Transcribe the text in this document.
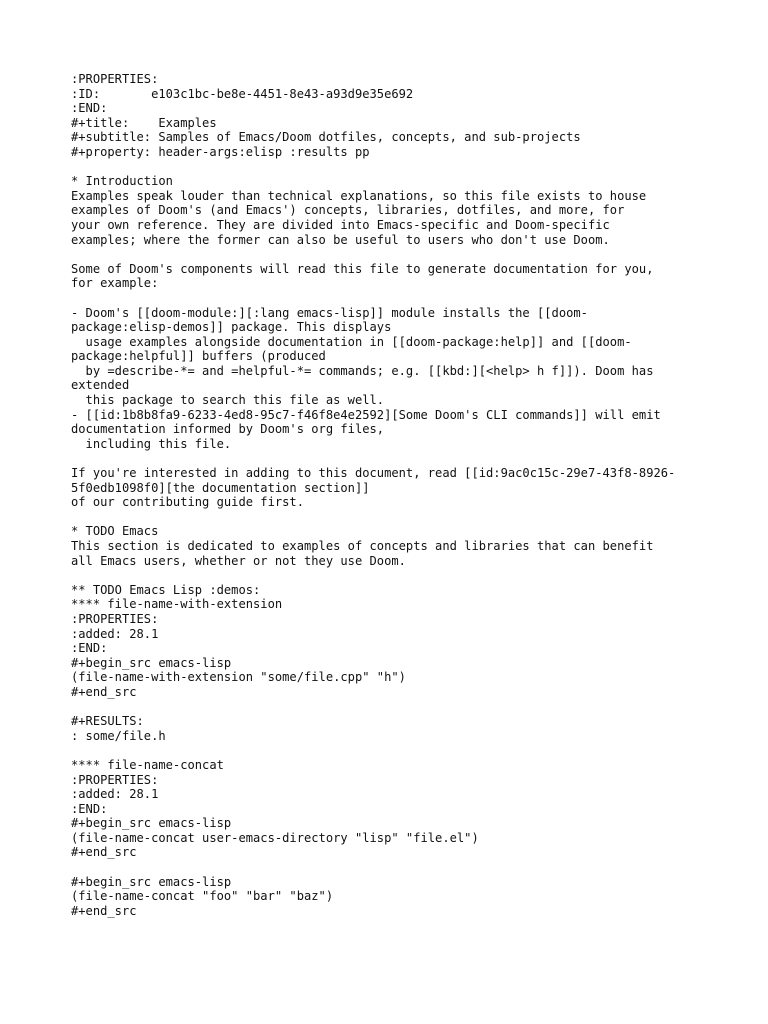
:PROPERTIES:
:ID:       e103c1bc-be8e-4451-8e43-a93d9e35e692
:END:
#+title:    Examples
#+subtitle: Samples of Emacs/Doom dotfiles, concepts, and sub-projects
#+property: header-args:elisp :results pp
* Introduction
Examples speak louder than technical explanations, so this file exists to house
examples of Doom's (and Emacs') concepts, libraries, dotfiles, and more, for
your own reference. They are divided into Emacs-specific and Doom-specific
examples; where the former can also be useful to users who don't use Doom.
Some of Doom's components will read this file to generate documentation for you,
for example:
- Doom's [[doom-module:][:lang emacs-lisp]] module installs the [[doom-
package:elisp-demos]] package. This displays
usage examples alongside documentation in [[doom-package:help]] and [[doom-
package:helpful]] buffers (produced
by =describe-*= and =helpful-*= commands; e.g. [[kbd:][<help> h f]]). Doom has
extended
this package to search this file as well.
- [[id:1b8b8fa9-6233-4ed8-95c7-f46f8e4e2592][Some Doom's CLI commands]] will emit
documentation informed by Doom's org files,
including this file.
If you're interested in adding to this document, read [[id:9ac0c15c-29e7-43f8-8926-
5f0edb1098f0][the documentation section]]
of our contributing guide first.
* TODO Emacs
This section is dedicated to examples of concepts and libraries that can benefit
all Emacs users, whether or not they use Doom.
** TODO Emacs Lisp :demos:
**** file-name-with-extension
:PROPERTIES:
:added: 28.1
:END:
#+begin_src emacs-lisp
(file-name-with-extension "some/file.cpp" "h")
#+end_src
#+RESULTS:
: some/file.h
**** file-name-concat
:PROPERTIES:
:added: 28.1
:END:
#+begin_src emacs-lisp
(file-name-concat user-emacs-directory "lisp" "file.el")
#+end_src
#+begin_src emacs-lisp
(file-name-concat "foo" "bar" "baz")
#+end_src
